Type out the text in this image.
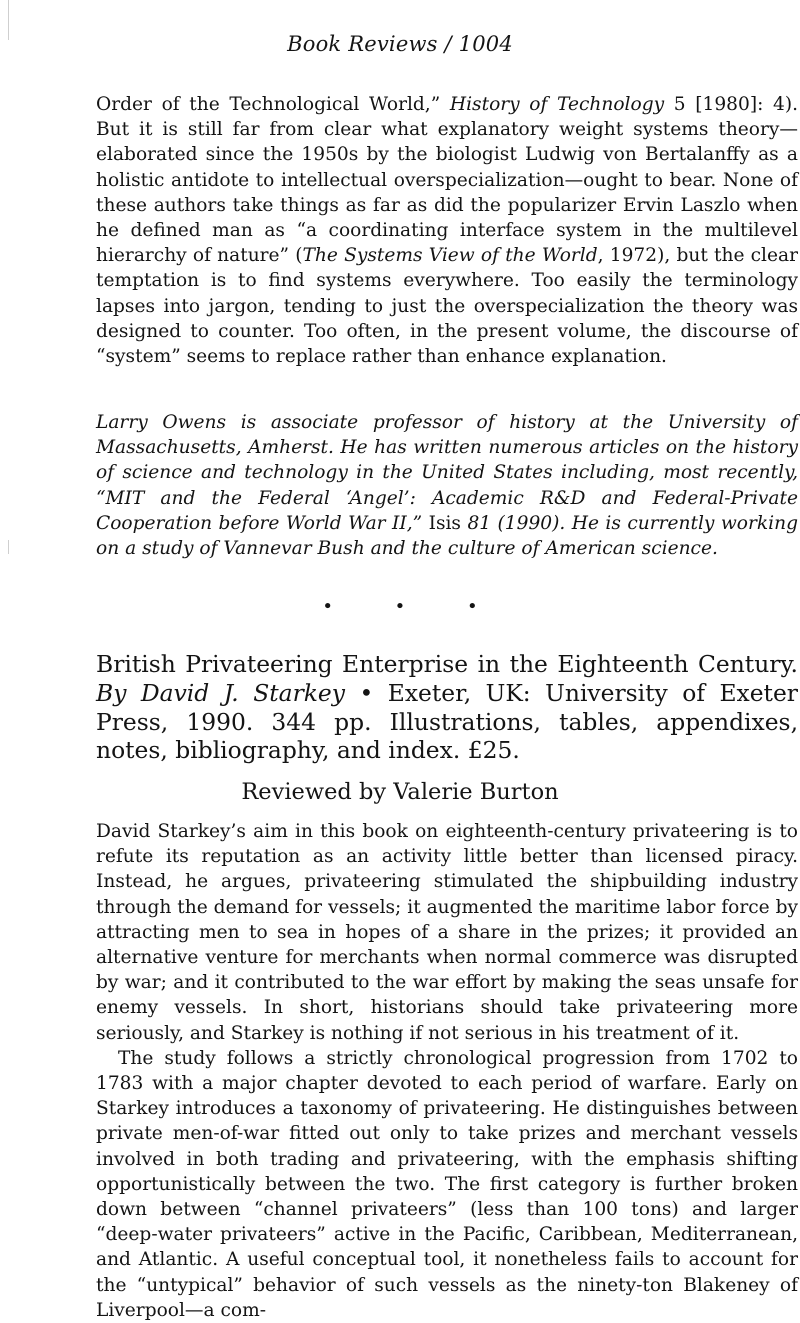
Book Reviews / 1004

Order of the Technological World,” History of Technology 5 [1980]: 4). But it is still far from clear what explanatory weight systems theory—elaborated since the 1950s by the biologist Ludwig von Bertalanffy as a holistic antidote to intellectual overspecialization—ought to bear. None of these authors take things as far as did the popularizer Ervin Laszlo when he defined man as “a coordinating interface system in the multilevel hierarchy of nature” (The Systems View of the World, 1972), but the clear temptation is to find systems everywhere. Too easily the terminology lapses into jargon, tending to just the overspecialization the theory was designed to counter. Too often, in the present volume, the discourse of “system” seems to replace rather than enhance explanation.

Larry Owens is associate professor of history at the University of Massachusetts, Amherst. He has written numerous articles on the history of science and technology in the United States including, most recently, “MIT and the Federal ‘Angel’: Academic R&D and Federal-Private Cooperation before World War II,” Isis 81 (1990). He is currently working on a study of Vannevar Bush and the culture of American science.

• • •

British Privateering Enterprise in the Eighteenth Century. By David J. Starkey • Exeter, UK: University of Exeter Press, 1990. 344 pp. Illustrations, tables, appendixes, notes, bibliography, and index. £25.

Reviewed by Valerie Burton

David Starkey’s aim in this book on eighteenth-century privateering is to refute its reputation as an activity little better than licensed piracy. Instead, he argues, privateering stimulated the shipbuilding industry through the demand for vessels; it augmented the maritime labor force by attracting men to sea in hopes of a share in the prizes; it provided an alternative venture for merchants when normal commerce was disrupted by war; and it contributed to the war effort by making the seas unsafe for enemy vessels. In short, historians should take privateering more seriously, and Starkey is nothing if not serious in his treatment of it.

The study follows a strictly chronological progression from 1702 to 1783 with a major chapter devoted to each period of warfare. Early on Starkey introduces a taxonomy of privateering. He distinguishes between private men-of-war fitted out only to take prizes and merchant vessels involved in both trading and privateering, with the emphasis shifting opportunistically between the two. The first category is further broken down between “channel privateers” (less than 100 tons) and larger “deep-water privateers” active in the Pacific, Caribbean, Mediterranean, and Atlantic. A useful conceptual tool, it nonetheless fails to account for the “untypical” behavior of such vessels as the ninety-ton Blakeney of Liverpool—a com-
